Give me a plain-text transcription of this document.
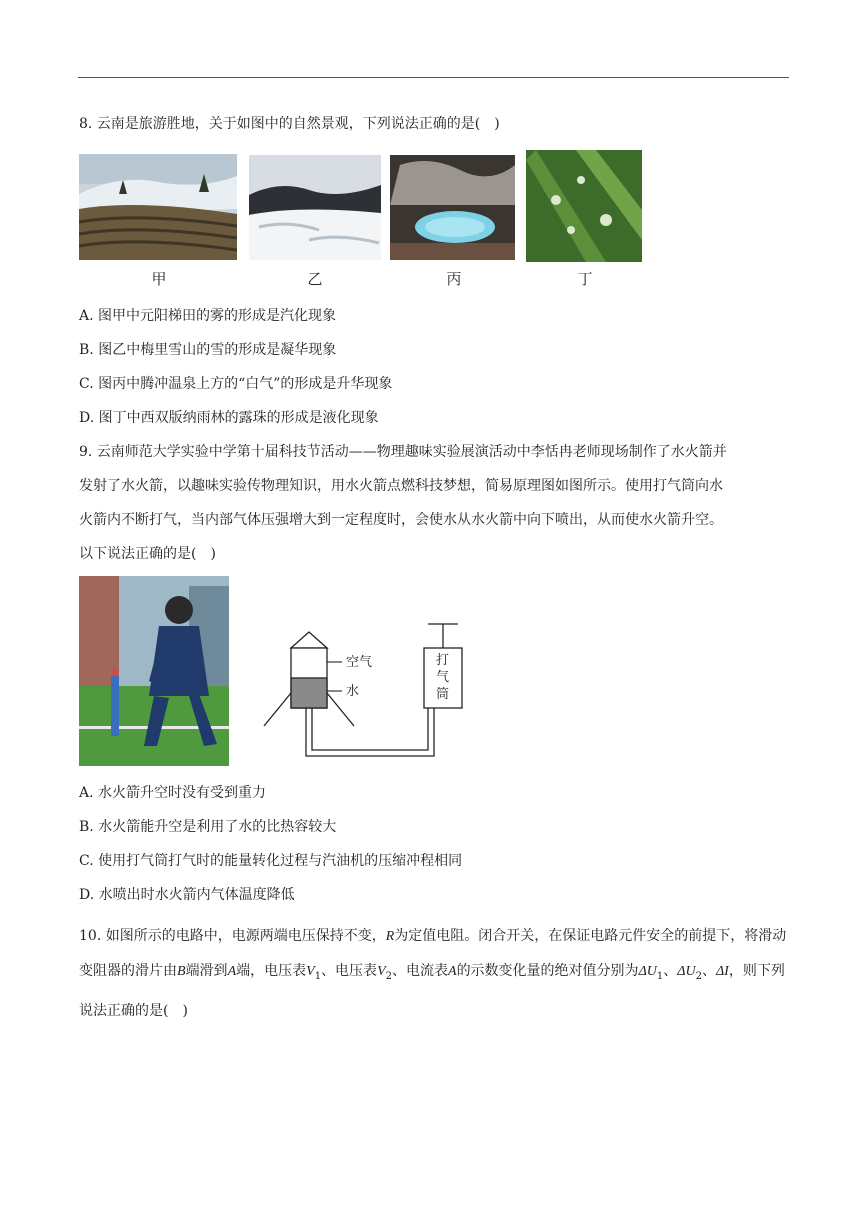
8. 云南是旅游胜地，关于如图中的自然景观，下列说法正确的是(　)
甲	乙	丙	丁
A. 图甲中元阳梯田的雾的形成是汽化现象
B. 图乙中梅里雪山的雪的形成是凝华现象
C. 图丙中腾冲温泉上方的“白气”的形成是升华现象
D. 图丁中西双版纳雨林的露珠的形成是液化现象
9. 云南师范大学实验中学第十届科技节活动——物理趣味实验展演活动中李恬冉老师现场制作了水火箭并
发射了水火箭，以趣味实验传物理知识，用水火箭点燃科技梦想，简易原理图如图所示。使用打气筒向水
火箭内不断打气，当内部气体压强增大到一定程度时，会使水从水火箭中向下喷出，从而使水火箭升空。
以下说法正确的是(　)
空气
水
打
气
筒
A. 水火箭升空时没有受到重力
B. 水火箭能升空是利用了水的比热容较大
C. 使用打气筒打气时的能量转化过程与汽油机的压缩冲程相同
D. 水喷出时水火箭内气体温度降低
10. 如图所示的电路中，电源两端电压保持不变，R为定值电阻。闭合开关，在保证电路元件安全的前提下，将滑动变阻器的滑片由B端滑到A端，电压表$V_1$、电压表$V_2$、电流表A的示数变化量的绝对值分别为$\Delta U_1$、$\Delta U_2$、ΔI，则下列说法正确的是(　)
